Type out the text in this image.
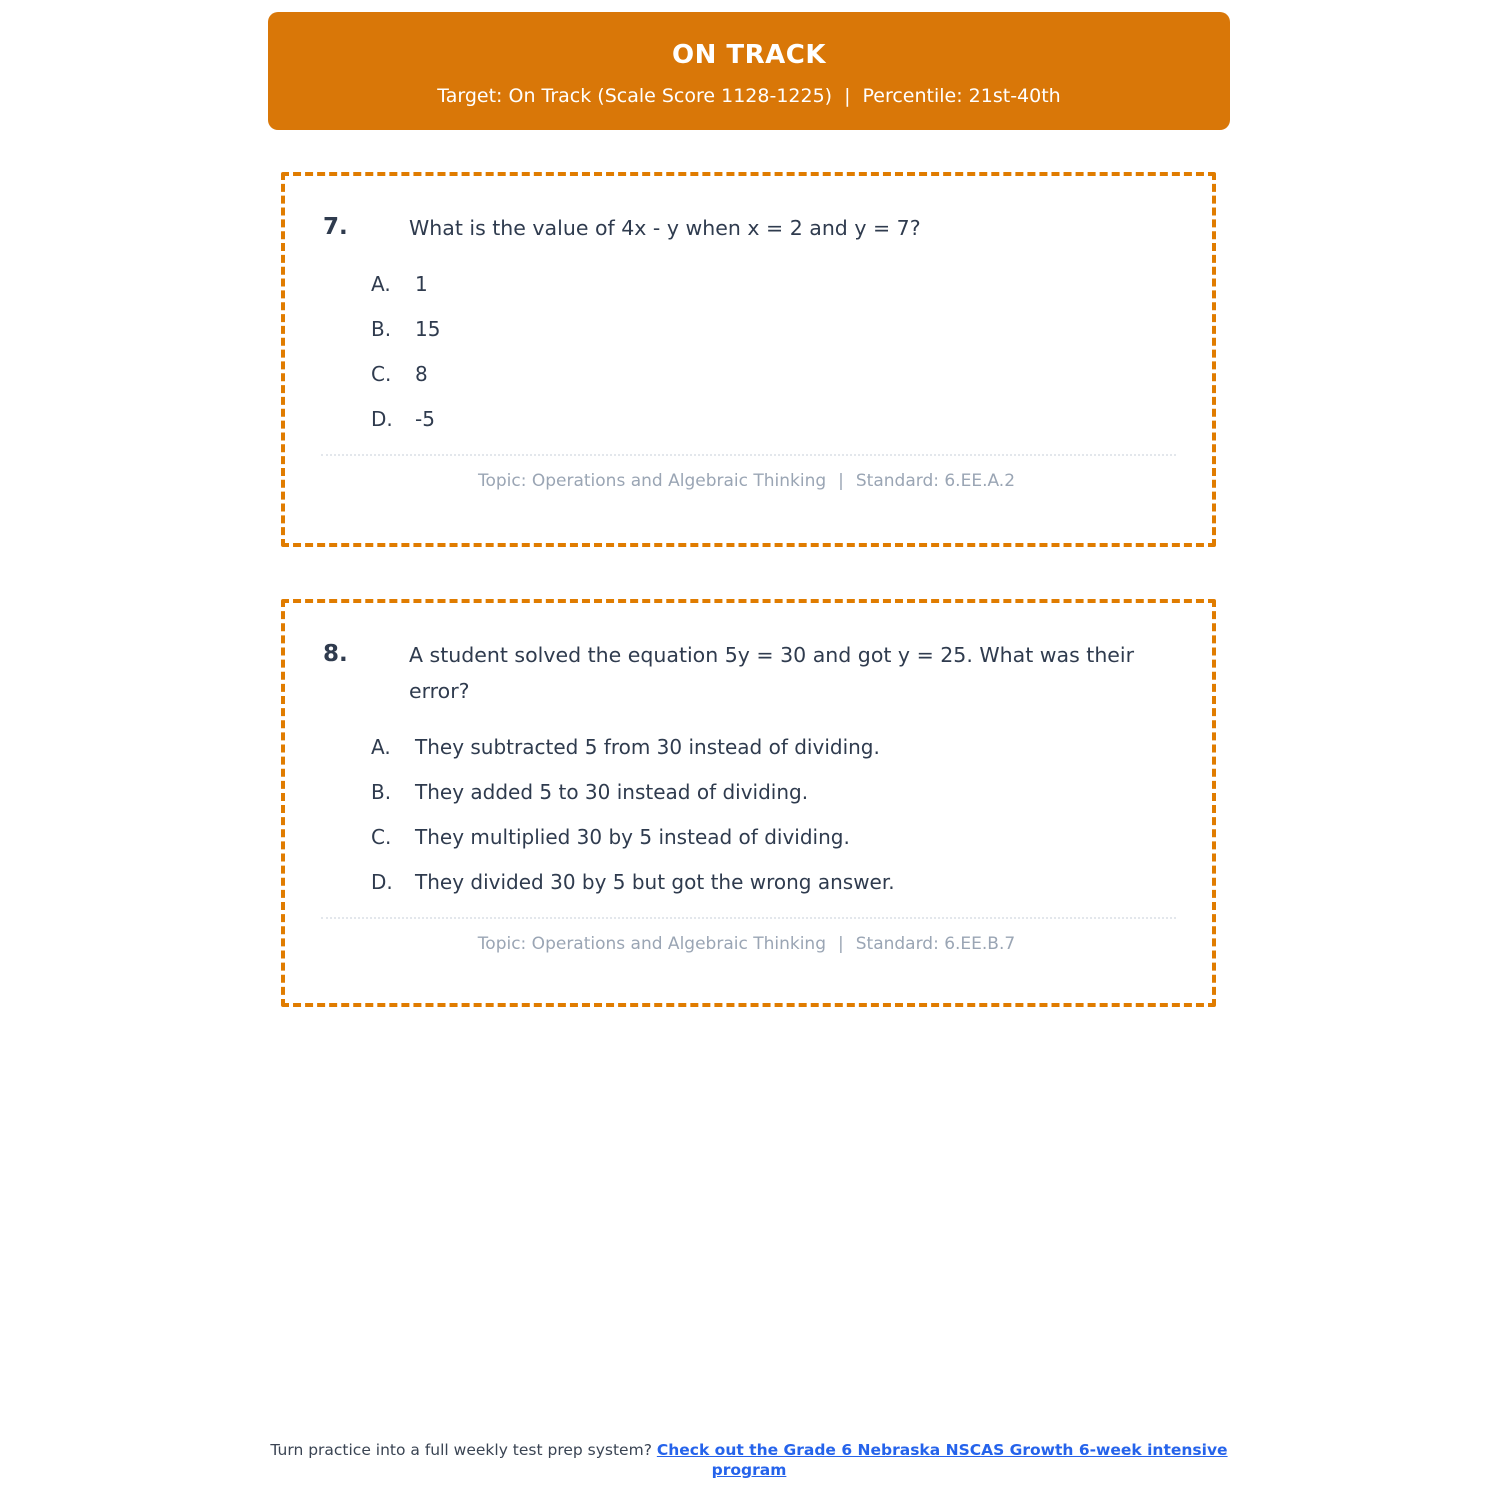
ON TRACK
Target: On Track (Scale Score 1128-1225) | Percentile: 21st-40th
7.	What is the value of 4x - y when x = 2 and y = 7?
A.	1
B.	15
C.	8
D.	-5
Topic: Operations and Algebraic Thinking | Standard: 6.EE.A.2
8.	A student solved the equation 5y = 30 and got y = 25. What was their error?
A.	They subtracted 5 from 30 instead of dividing.
B.	They added 5 to 30 instead of dividing.
C.	They multiplied 30 by 5 instead of dividing.
D.	They divided 30 by 5 but got the wrong answer.
Topic: Operations and Algebraic Thinking | Standard: 6.EE.B.7
Turn practice into a full weekly test prep system? Check out the Grade 6 Nebraska NSCAS Growth 6-week intensive program
